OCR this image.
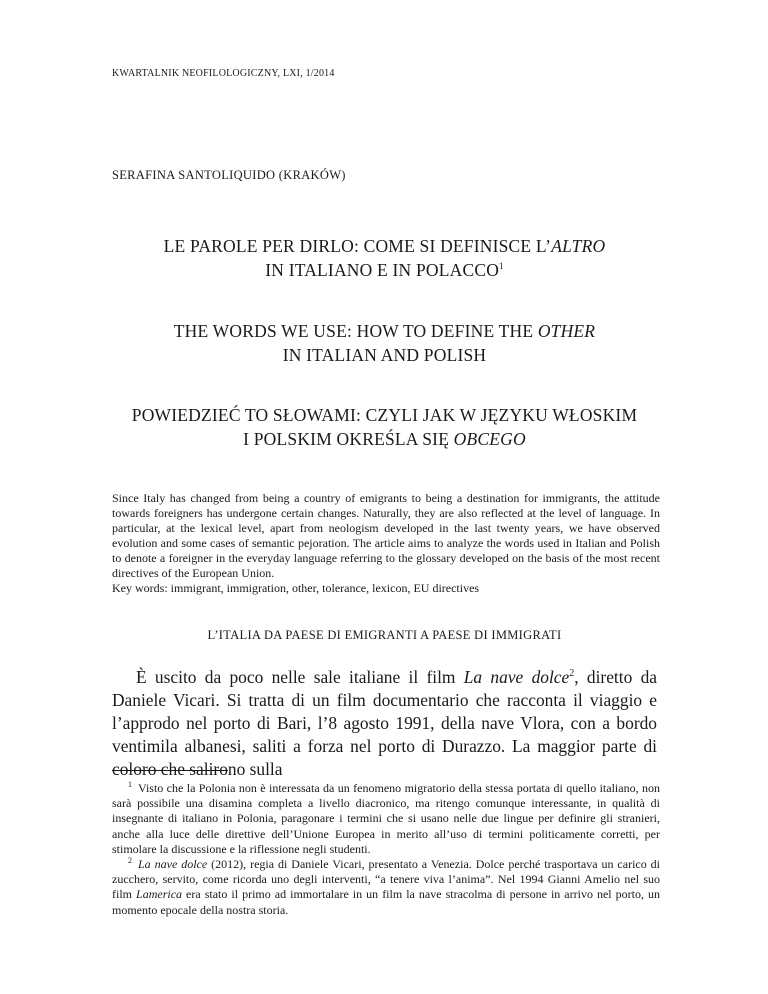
KWARTALNIK NEOFILOLOGICZNY, LXI, 1/2014
SERAFINA SANTOLIQUIDO (KRAKÓW)
LE PAROLE PER DIRLO: COME SI DEFINISCE L’ALTRO
IN ITALIANO E IN POLACCO$^1$
THE WORDS WE USE: HOW TO DEFINE THE OTHER
IN ITALIAN AND POLISH
POWIEDZIEĆ TO SŁOWAMI: CZYLI JAK W JĘZYKU WŁOSKIM
I POLSKIM OKREŚLA SIĘ OBCEGO

Since Italy has changed from being a country of emigrants to being a destination for immigrants, the attitude towards foreigners has undergone certain changes. Naturally, they are also reflected at the level of language. In particular, at the lexical level, apart from neologism developed in the last twenty years, we have observed evolution and some cases of semantic pejoration. The article aims to analyze the words used in Italian and Polish to denote a foreigner in the everyday language referring to the glossary developed on the basis of the most recent directives of the European Union.

Key words: immigrant, immigration, other, tolerance, lexicon, EU directives

L’ITALIA DA PAESE DI EMIGRANTI A PAESE DI IMMIGRATI

È uscito da poco nelle sale italiane il film La nave dolce$^2$, diretto da Daniele Vicari. Si tratta di un film documentario che racconta il viaggio e l’approdo nel porto di Bari, l’8 agosto 1991, della nave Vlora, con a bordo ventimila albanesi, saliti a forza nel porto di Durazzo. La maggior parte di coloro che salirono sulla

$^1$ Visto che la Polonia non è interessata da un fenomeno migratorio della stessa portata di quello italiano, non sarà possibile una disamina completa a livello diacronico, ma ritengo comunque interessante, in qualità di insegnante di italiano in Polonia, paragonare i termini che si usano nelle due lingue per definire gli stranieri, anche alla luce delle direttive dell’Unione Europea in merito all’uso di termini politicamente corretti, per stimolare la discussione e la riflessione negli studenti.

$^2$ La nave dolce (2012), regia di Daniele Vicari, presentato a Venezia. Dolce perché trasportava un carico di zucchero, servito, come ricorda uno degli interventi, “a tenere viva l’anima”. Nel 1994 Gianni Amelio nel suo film Lamerica era stato il primo ad immortalare in un film la nave stracolma di persone in arrivo nel porto, un momento epocale della nostra storia.
